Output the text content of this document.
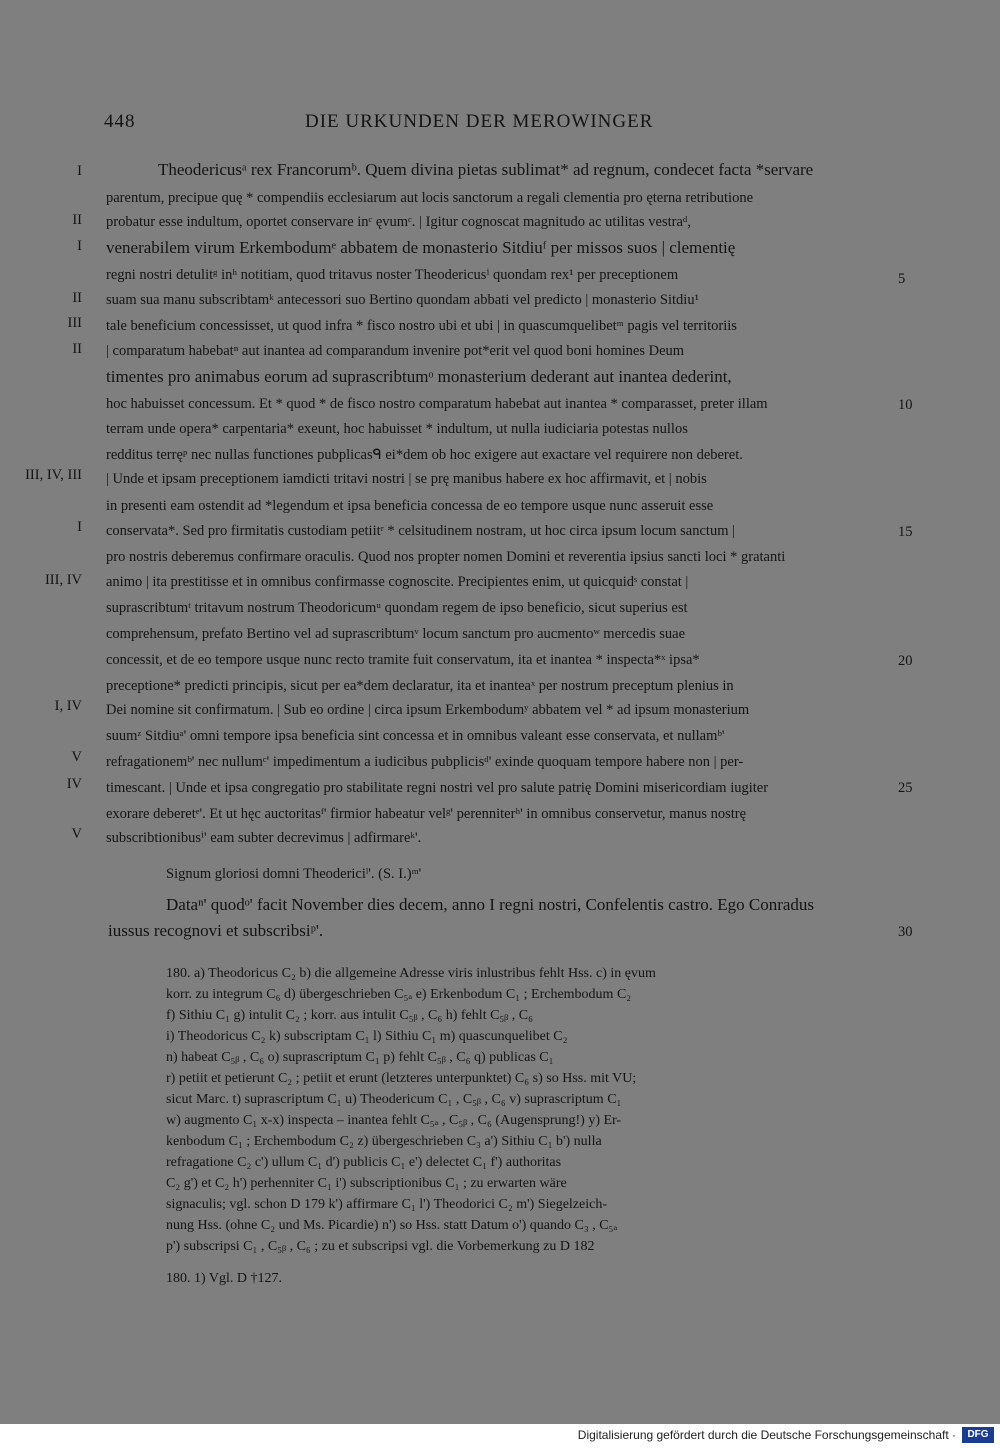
448	DIE URKUNDEN DER MEROWINGER
I
II
I
II
III
II
III, IV, III
I
III, IV
I, IV
V
IV
V
5
10
15
20
25
30
Theodericusᵃ rex Francorumᵇ. Quem divina pietas sublimat* ad regnum, condecet facta *servare
parentum, precipue quę * compendiis ecclesiarum aut locis sanctorum a regali clementia pro ęterna retributione
probatur esse indultum, oportet conservare inᶜ ęvumᶜ. | Igitur cognoscat magnitudo ac utilitas vestraᵈ,
venerabilem virum Erkembodumᵉ abbatem de monasterio Sitdiuᶠ per missos suos | clementię
regni nostri detulitᵍ inʰ notitiam, quod tritavus noster Theodericusⁱ quondam rex¹ per preceptionem
suam sua manu subscribtamᵏ antecessori suo Bertino quondam abbati vel predicto | monasterio Sitdiu¹
tale beneficium concessisset, ut quod infra * fisco nostro ubi et ubi | in quascumquelibetᵐ pagis vel territoriis
| comparatum habebatⁿ aut inantea ad comparandum invenire pot*erit vel quod boni homines Deum
timentes pro animabus eorum ad suprascribtumᵒ monasterium dederant aut inantea dederint,
hoc habuisset concessum. Et * quod * de fisco nostro comparatum habebat aut inantea * comparasset, preter illam
terram unde opera* carpentaria* exeunt, hoc habuisset * indultum, ut nulla iudiciaria potestas nullos
redditus terręᵖ nec nullas functiones pubplicasᑫ ei*dem ob hoc exigere aut exactare vel requirere non deberet.
| Unde et ipsam preceptionem iamdicti tritavi nostri | se prę manibus habere ex hoc affirmavit, et | nobis
in presenti eam ostendit ad *legendum et ipsa beneficia concessa de eo tempore usque nunc asseruit esse
conservata*. Sed pro firmitatis custodiam petiitʳ * celsitudinem nostram, ut hoc circa ipsum locum sanctum |
pro nostris deberemus confirmare oraculis. Quod nos propter nomen Domini et reverentia ipsius sancti loci * gratanti
animo | ita prestitisse et in omnibus confirmasse cognoscite. Precipientes enim, ut quicquidˢ constat |
suprascribtumᵗ tritavum nostrum Theodoricumᵘ quondam regem de ipso beneficio, sicut superius est
comprehensum, prefato Bertino vel ad suprascribtumᵛ locum sanctum pro aucmentoʷ mercedis suae
concessit, et de eo tempore usque nunc recto tramite fuit conservatum, ita et inantea * inspecta*ˣ ipsa*
preceptione* predicti principis, sicut per ea*dem declaratur, ita et inanteaˣ per nostrum preceptum plenius in
Dei nomine sit confirmatum. | Sub eo ordine | circa ipsum Erkembodumʸ abbatem vel * ad ipsum monasterium
suumᶻ Sitdiuᵃ' omni tempore ipsa beneficia sint concessa et in omnibus valeant esse conservata, et nullamᵇ'
refragationemᵇ' nec nullumᶜ' impedimentum a iudicibus pubplicisᵈ' exinde quoquam tempore habere non | per-
timescant. | Unde et ipsa congregatio pro stabilitate regni nostri vel pro salute patrię Domini misericordiam iugiter
exorare deberetᵉ'. Et ut hęc auctoritasᶠ' firmior habeatur velᵍ' perenniterʰ' in omnibus conservetur, manus nostrę
subscribtionibusⁱ' eam subter decrevimus | adfirmareᵏ'.
Signum gloriosi domni Theodericiˡ'. (S. I.)ᵐ'
Dataⁿ' quodᵒ' facit November dies decem, anno I regni nostri, Confelentis castro. Ego Conradus
iussus recognovi et subscribsiᵖ'.
180. a) Theodoricus C₂ b) die allgemeine Adresse viris inlustribus fehlt Hss. c) in ęvum
korr. zu integrum C₆ d) übergeschrieben C₅ₐ e) Erkenbodum C₁ ; Erchembodum C₂
f) Sithiu C₁ g) intulit C₂ ; korr. aus intulit C₅ᵦ , C₆ h) fehlt C₅ᵦ , C₆
i) Theodoricus C₂ k) subscriptam C₁ l) Sithiu C₁ m) quascunquelibet C₂
n) habeat C₅ᵦ , C₆ o) suprascriptum C₁ p) fehlt C₅ᵦ , C₆ q) publicas C₁
r) petiit et petierunt C₂ ; petiit et erunt (letzteres unterpunktet) C₆ s) so Hss. mit VU;
sicut Marc. t) suprascriptum C₁ u) Theodericum C₁ , C₅ᵦ , C₆ v) suprascriptum C₁
w) augmento C₁ x-x) inspecta – inantea fehlt C₅ₐ , C₅ᵦ , C₆ (Augensprung!) y) Er-
kenbodum C₁ ; Erchembodum C₂ z) übergeschrieben C₃ a') Sithiu C₁ b') nulla
refragatione C₂ c') ullum C₁ d') publicis C₁ e') delectet C₁ f') authoritas
C₂ g') et C₂ h') perhenniter C₁ i') subscriptionibus C₁ ; zu erwarten wäre
signaculis; vgl. schon D 179 k') affirmare C₁ l') Theodorici C₂ m') Siegelzeich-
nung Hss. (ohne C₂ und Ms. Picardie) n') so Hss. statt Datum o') quando C₃ , C₅ₐ
p') subscripsi C₁ , C₅ᵦ , C₆ ; zu et subscripsi vgl. die Vorbemerkung zu D 182
180. 1) Vgl. D †127.
Digitalisierung gefördert durch die Deutsche Forschungsgemeinschaft ·	DFG
